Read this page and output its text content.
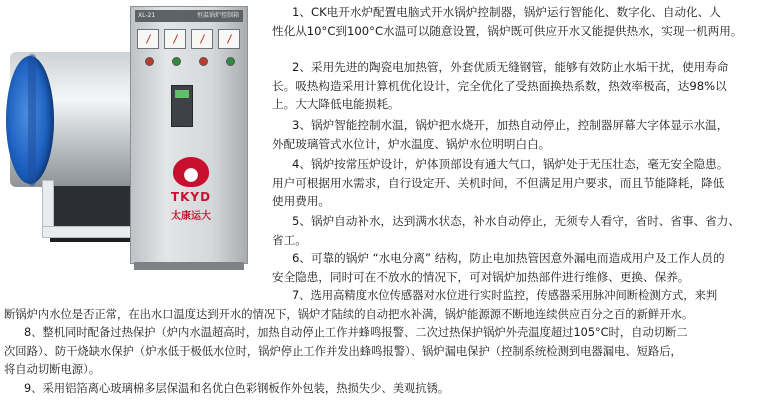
XL-21	恒温锅炉控制箱
TKYD
太康运大
1、CK电开水炉配置电脑式开水锅炉控制器，锅炉运行智能化、数字化、自动化、人
性化从10°C到100°C水温可以随意设置，锅炉既可供应开水又能提供热水，实现一机两用。
2、采用先进的陶瓷电加热管，外套优质无缝钢管，能够有效防止水垢干扰，使用寿命
长。吸热构造采用计算机优化设计，完全优化了受热面换热系数，热效率极高，达98%以
上。大大降低电能损耗。
3、锅炉智能控制水温，锅炉把水烧开，加热自动停止，控制器屏幕大字体显示水温，
外配玻璃管式水位计，炉水温度、锅炉水位明明白白。
4、锅炉按常压炉设计，炉体顶部设有通大气口，锅炉处于无压壮态，毫无安全隐患。
用户可根据用水需求，自行设定开、关机时间，不但满足用户要求，而且节能降耗，降低
使用费用。
5、锅炉自动补水，达到满水状态，补水自动停止，无须专人看守，省时、省事、省力、
省工。
6、可靠的锅炉 “水电分离” 结构，防止电加热管因意外漏电而造成用户及工作人员的
安全隐患，同时可在不放水的情况下，可对锅炉加热部件进行维修、更换、保养。
7、选用高精度水位传感器对水位进行实时监控，传感器采用脉冲间断检测方式，来判
断锅炉内水位是否正常，在出水口温度达到开水的情况下，锅炉才陆续的自动把水补满，锅炉能源源不断地连续供应百分之百的新鲜开水。
8、整机同时配备过热保护（炉内水温超高时，加热自动停止工作并蜂鸣报警、二次过热保护锅炉外壳温度超过105°C时，自动切断二
次回路）、防干烧缺水保护（炉水低于极低水位时，锅炉停止工作并发出蜂鸣报警）、锅炉漏电保护（控制系统检测到电器漏电、短路后，
将自动切断电源）。
9、采用铝箔离心玻璃棉多层保温和名优白色彩钢板作外包装，热损失少、美观抗锈。
